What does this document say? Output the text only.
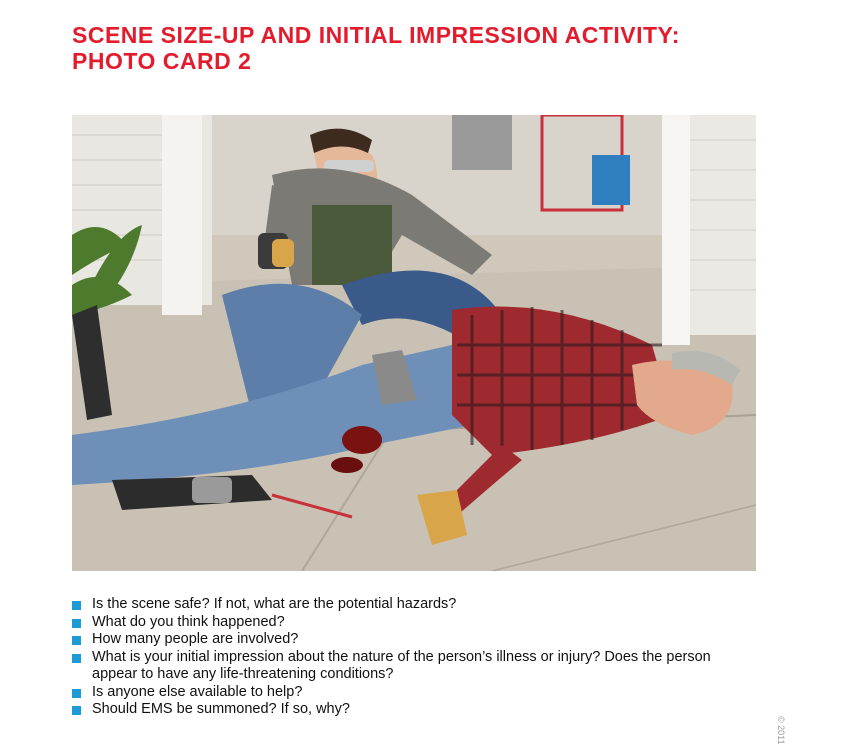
SCENE SIZE-UP AND INITIAL IMPRESSION ACTIVITY:
PHOTO CARD 2
Is the scene safe? If not, what are the potential hazards?
What do you think happened?
How many people are involved?
What is your initial impression about the nature of the person’s illness or injury? Does the person appear to have any life-threatening conditions?
Is anyone else available to help?
Should EMS be summoned? If so, why?
© 2011
